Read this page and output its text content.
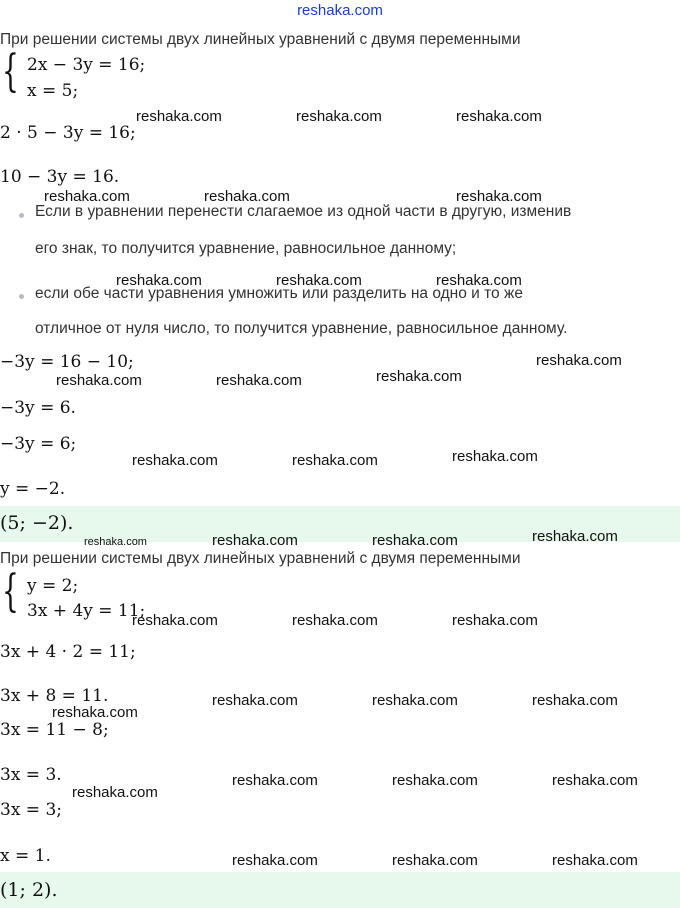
reshaka.com
При решении системы двух линейных уравнений с двумя переменными
{ 2x − 3y = 16;
x = 5;
2 · 5 − 3y = 16;
10 − 3y = 16.
Если в уравнении перенести слагаемое из одной части в другую, изменив
его знак, то получится уравнение, равносильное данному;
если обе части уравнения умножить или разделить на одно и то же
отличное от нуля число, то получится уравнение, равносильное данному.
−3y = 16 − 10;
−3y = 6.
−3y = 6;
y = −2.
(5; −2).
При решении системы двух линейных уравнений с двумя переменными
{ y = 2;
3x + 4y = 11;
3x + 4 · 2 = 11;
3x + 8 = 11.
3x = 11 − 8;
3x = 3.
3x = 3;
x = 1.
(1; 2).
reshaka.com	reshaka.com	reshaka.com
reshaka.com	reshaka.com	reshaka.com
reshaka.com	reshaka.com	reshaka.com
reshaka.com
reshaka.com	reshaka.com	reshaka.com
reshaka.com
reshaka.com	reshaka.com
reshaka.com
reshaka.com	reshaka.com	reshaka.com
reshaka.com	reshaka.com	reshaka.com
reshaka.com	reshaka.com	reshaka.com
reshaka.com
reshaka.com	reshaka.com	reshaka.com
reshaka.com
reshaka.com	reshaka.com	reshaka.com
